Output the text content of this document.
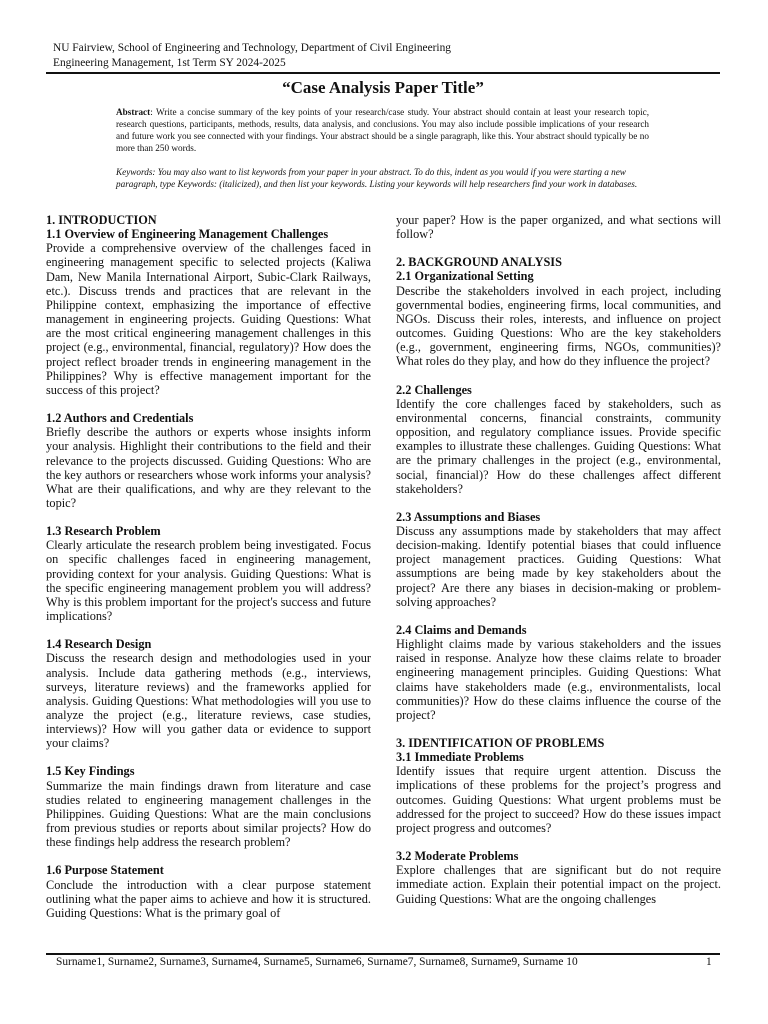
NU Fairview, School of Engineering and Technology, Department of Civil Engineering
Engineering Management, 1st Term SY 2024-2025
“Case Analysis Paper Title”

Abstract: Write a concise summary of the key points of your research/case study. Your abstract should contain at least your research topic, research questions, participants, methods, results, data analysis, and conclusions. You may also include possible implications of your research and future work you see connected with your findings. Your abstract should be a single paragraph, like this. Your abstract should typically be no more than 250 words.

Keywords: You may also want to list keywords from your paper in your abstract. To do this, indent as you would if you were starting a new paragraph, type Keywords: (italicized), and then list your keywords. Listing your keywords will help researchers find your work in databases.

1. INTRODUCTION
1.1 Overview of Engineering Management Challenges

Provide a comprehensive overview of the challenges faced in engineering management specific to selected projects (Kaliwa Dam, New Manila International Airport, Subic-Clark Railways, etc.). Discuss trends and practices that are relevant in the Philippine context, emphasizing the importance of effective management in engineering projects. Guiding Questions: What are the most critical engineering management challenges in this project (e.g., environmental, financial, regulatory)? How does the project reflect broader trends in engineering management in the Philippines? Why is effective management important for the success of this project?

1.2 Authors and Credentials

Briefly describe the authors or experts whose insights inform your analysis. Highlight their contributions to the field and their relevance to the projects discussed. Guiding Questions: Who are the key authors or researchers whose work informs your analysis? What are their qualifications, and why are they relevant to the topic?

1.3 Research Problem

Clearly articulate the research problem being investigated. Focus on specific challenges faced in engineering management, providing context for your analysis. Guiding Questions: What is the specific engineering management problem you will address? Why is this problem important for the project's success and future implications?

1.4 Research Design

Discuss the research design and methodologies used in your analysis. Include data gathering methods (e.g., interviews, surveys, literature reviews) and the frameworks applied for analysis. Guiding Questions: What methodologies will you use to analyze the project (e.g., literature reviews, case studies, interviews)? How will you gather data or evidence to support your claims?

1.5 Key Findings

Summarize the main findings drawn from literature and case studies related to engineering management challenges in the Philippines. Guiding Questions: What are the main conclusions from previous studies or reports about similar projects? How do these findings help address the research problem?

1.6 Purpose Statement

Conclude the introduction with a clear purpose statement outlining what the paper aims to achieve and how it is structured. Guiding Questions: What is the primary goal of

your paper? How is the paper organized, and what sections will follow?

2. BACKGROUND ANALYSIS
2.1 Organizational Setting

Describe the stakeholders involved in each project, including governmental bodies, engineering firms, local communities, and NGOs. Discuss their roles, interests, and influence on project outcomes. Guiding Questions: Who are the key stakeholders (e.g., government, engineering firms, NGOs, communities)? What roles do they play, and how do they influence the project?

2.2 Challenges

Identify the core challenges faced by stakeholders, such as environmental concerns, financial constraints, community opposition, and regulatory compliance issues. Provide specific examples to illustrate these challenges. Guiding Questions: What are the primary challenges in the project (e.g., environmental, social, financial)? How do these challenges affect different stakeholders?

2.3 Assumptions and Biases

Discuss any assumptions made by stakeholders that may affect decision-making. Identify potential biases that could influence project management practices. Guiding Questions: What assumptions are being made by key stakeholders about the project? Are there any biases in decision-making or problem-solving approaches?

2.4 Claims and Demands

Highlight claims made by various stakeholders and the issues raised in response. Analyze how these claims relate to broader engineering management principles. Guiding Questions: What claims have stakeholders made (e.g., environmentalists, local communities)? How do these claims influence the course of the project?

3. IDENTIFICATION OF PROBLEMS
3.1 Immediate Problems

Identify issues that require urgent attention. Discuss the implications of these problems for the project’s progress and outcomes. Guiding Questions: What urgent problems must be addressed for the project to succeed? How do these issues impact project progress and outcomes?

3.2 Moderate Problems

Explore challenges that are significant but do not require immediate action. Explain their potential impact on the project. Guiding Questions: What are the ongoing challenges

Surname1, Surname2, Surname3, Surname4, Surname5, Surname6, Surname7, Surname8, Surname9, Surname 10	1
